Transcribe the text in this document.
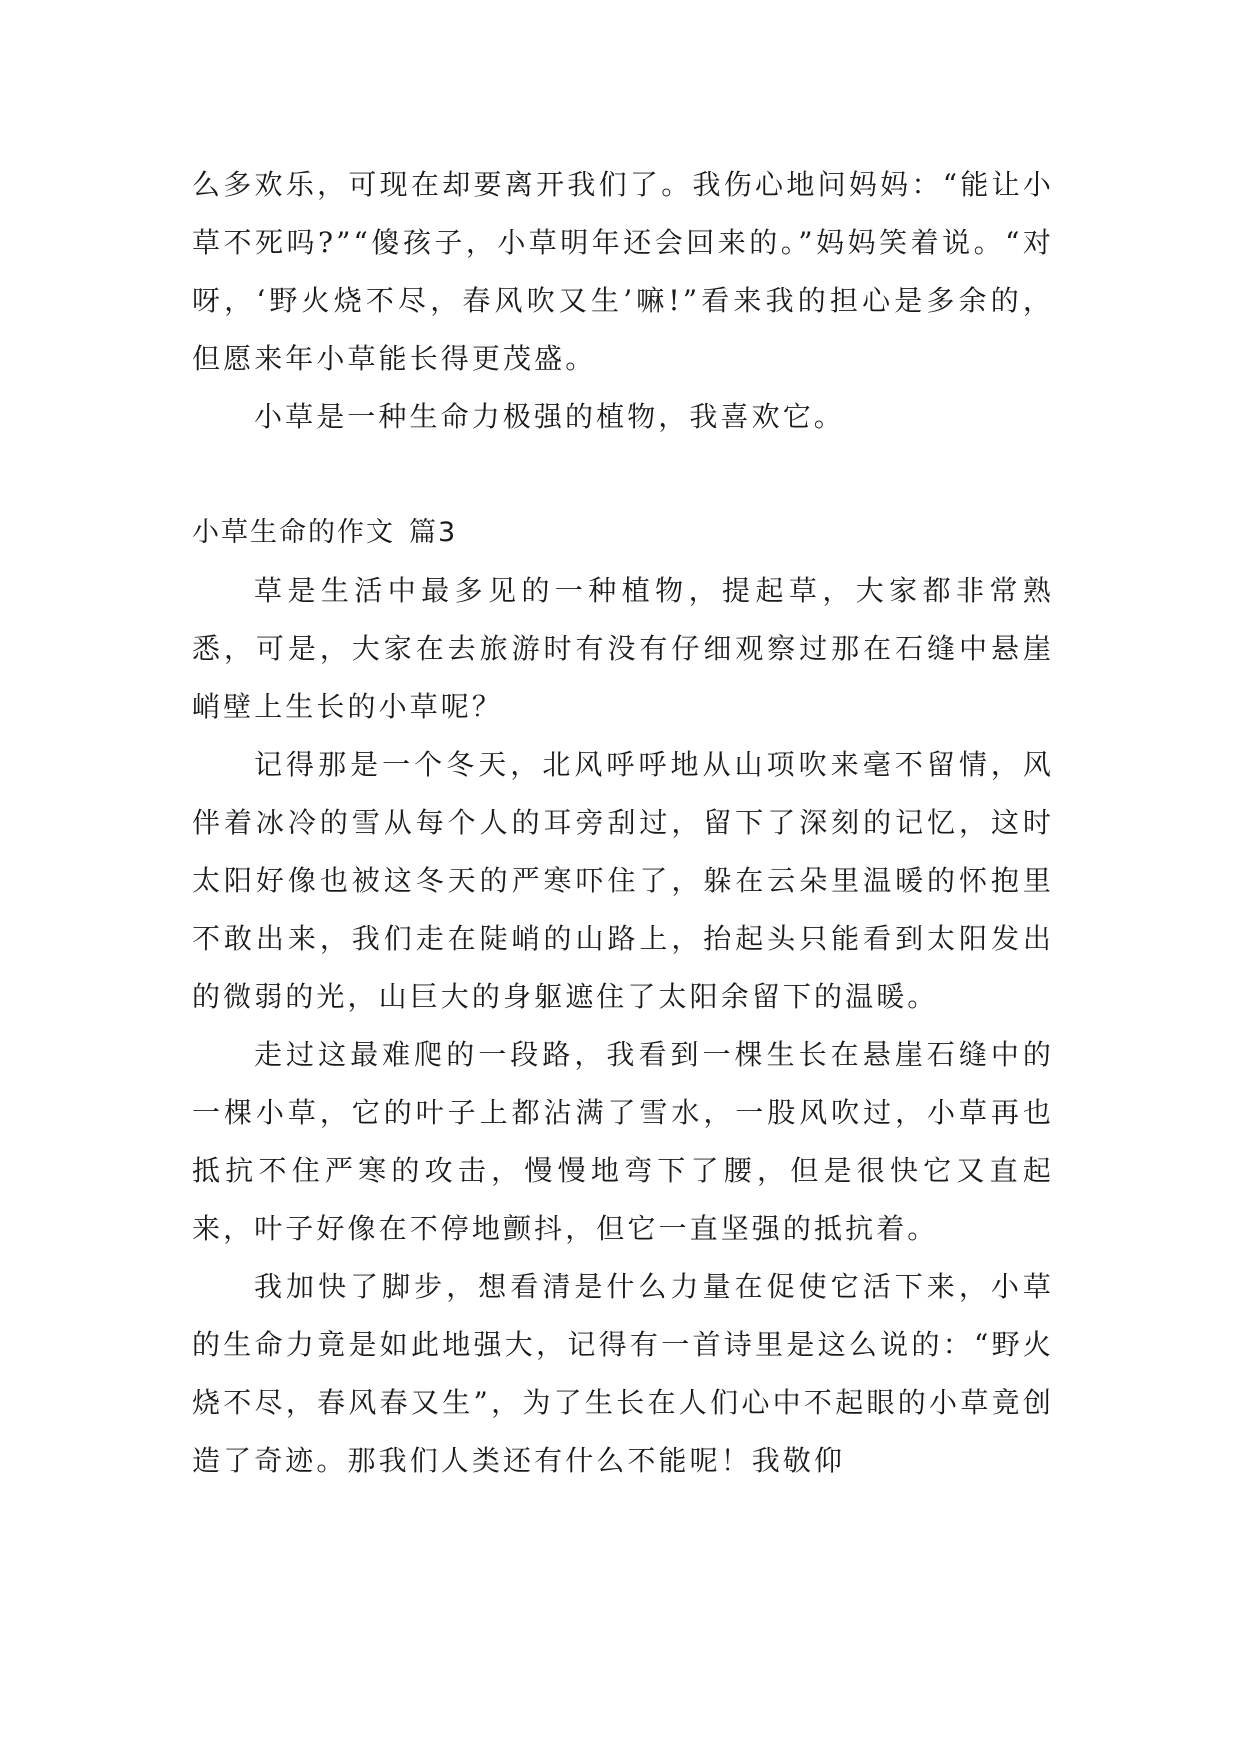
么多欢乐，可现在却要离开我们了。我伤心地问妈妈：“能让小草不死吗?”“傻孩子，小草明年还会回来的。”妈妈笑着说。“对呀，‘野火烧不尽，春风吹又生’嘛!”看来我的担心是多余的，但愿来年小草能长得更茂盛。

小草是一种生命力极强的植物，我喜欢它。

小草生命的作文 篇3

草是生活中最多见的一种植物，提起草，大家都非常熟悉，可是，大家在去旅游时有没有仔细观察过那在石缝中悬崖峭壁上生长的小草呢？

记得那是一个冬天，北风呼呼地从山项吹来毫不留情，风伴着冰冷的雪从每个人的耳旁刮过，留下了深刻的记忆，这时太阳好像也被这冬天的严寒吓住了，躲在云朵里温暖的怀抱里不敢出来，我们走在陡峭的山路上，抬起头只能看到太阳发出的微弱的光，山巨大的身躯遮住了太阳余留下的温暖。

走过这最难爬的一段路，我看到一棵生长在悬崖石缝中的一棵小草，它的叶子上都沾满了雪水，一股风吹过，小草再也抵抗不住严寒的攻击，慢慢地弯下了腰，但是很快它又直起来，叶子好像在不停地颤抖，但它一直坚强的抵抗着。

我加快了脚步，想看清是什么力量在促使它活下来，小草的生命力竟是如此地强大，记得有一首诗里是这么说的：“野火烧不尽，春风春又生”，为了生长在人们心中不起眼的小草竟创造了奇迹。那我们人类还有什么不能呢！我敬仰
